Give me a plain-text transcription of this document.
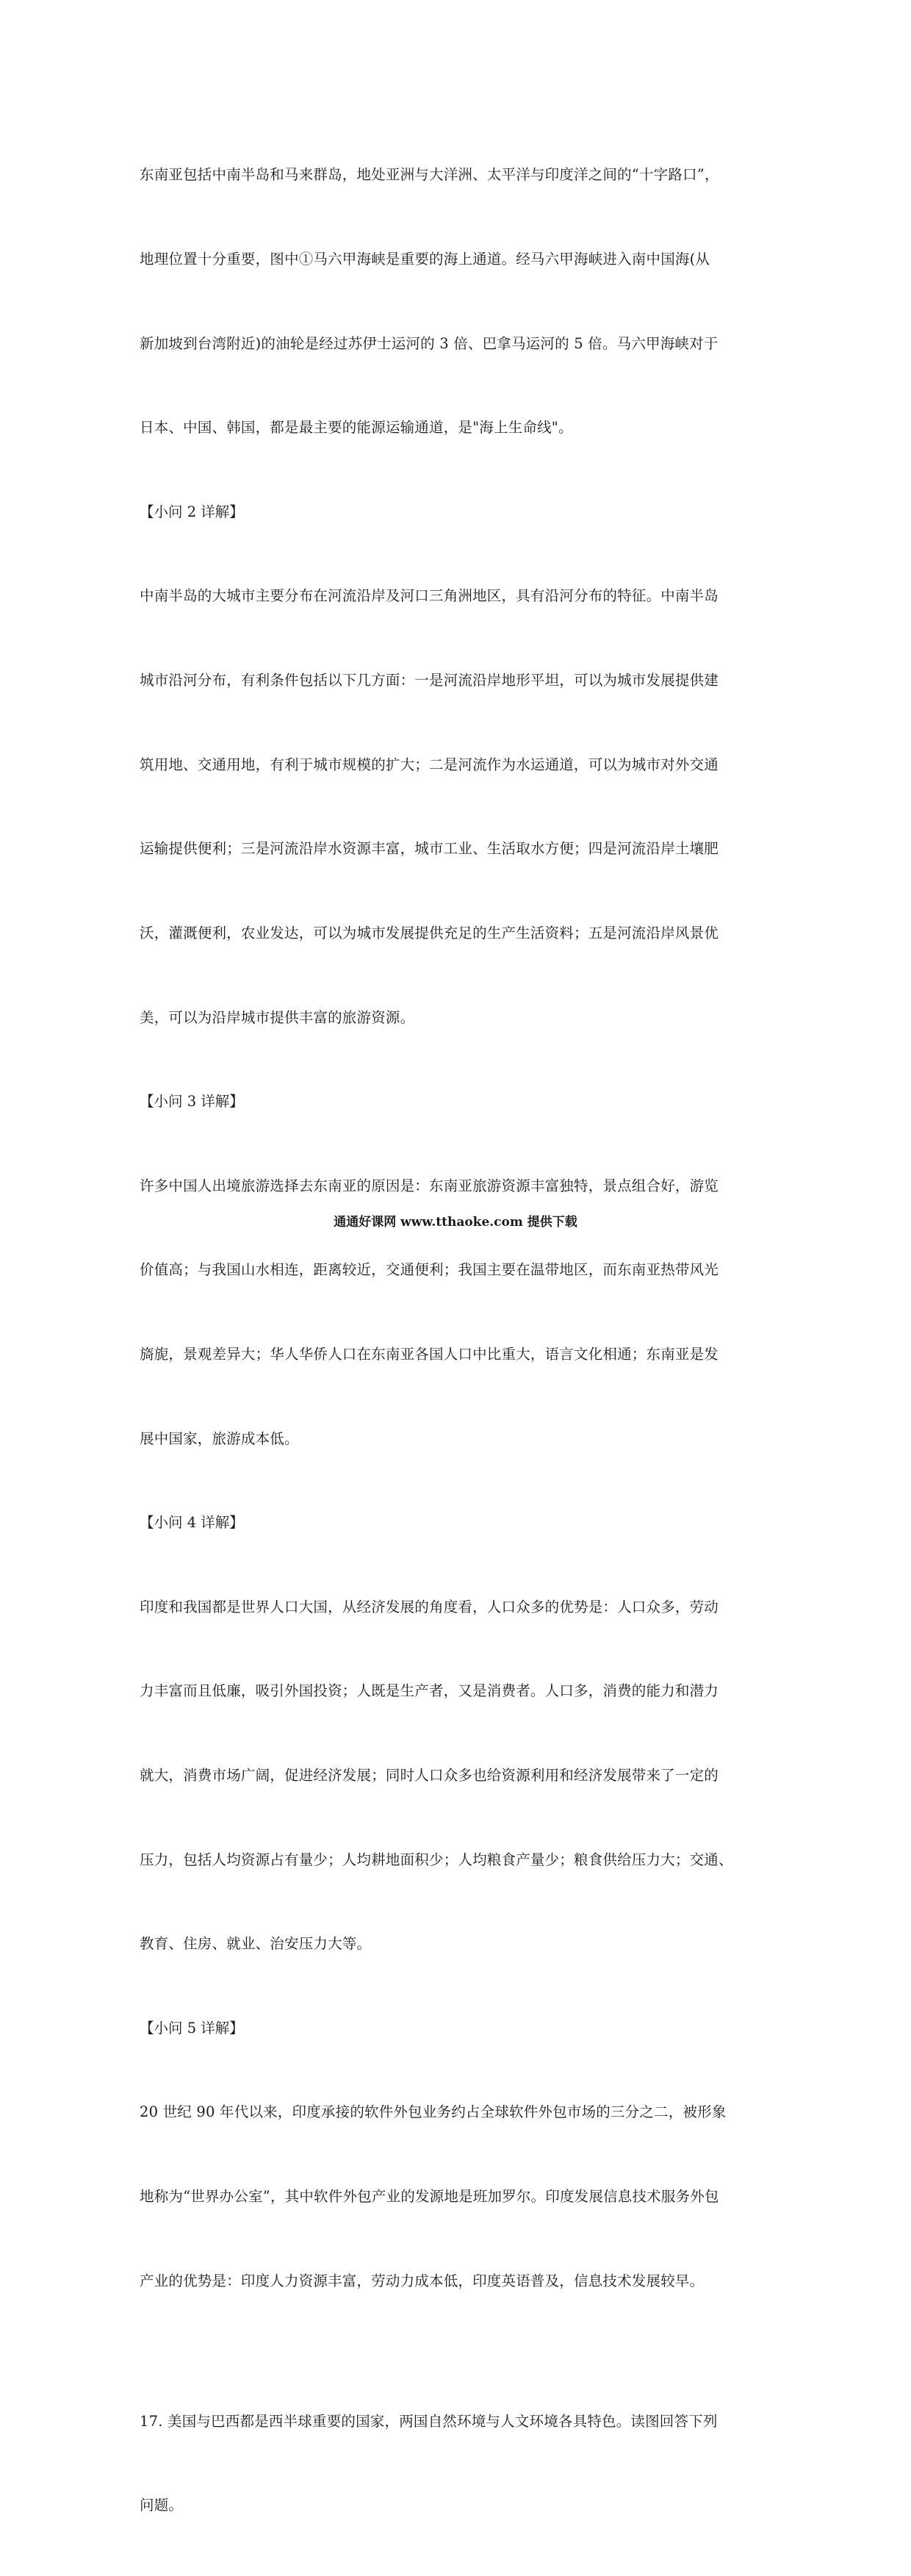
东南亚包括中南半岛和马来群岛，地处亚洲与大洋洲、太平洋与印度洋之间的“十字路口”，

地理位置十分重要，图中①马六甲海峡是重要的海上通道。经马六甲海峡进入南中国海(从

新加坡到台湾附近)的油轮是经过苏伊士运河的 3 倍、巴拿马运河的 5 倍。马六甲海峡对于

日本、中国、韩国，都是最主要的能源运输通道，是"海上生命线"。

【小问 2 详解】

中南半岛的大城市主要分布在河流沿岸及河口三角洲地区，具有沿河分布的特征。中南半岛

城市沿河分布，有利条件包括以下几方面：一是河流沿岸地形平坦，可以为城市发展提供建

筑用地、交通用地，有利于城市规模的扩大；二是河流作为水运通道，可以为城市对外交通

运输提供便利；三是河流沿岸水资源丰富，城市工业、生活取水方便；四是河流沿岸土壤肥

沃，灌溉便利，农业发达，可以为城市发展提供充足的生产生活资料；五是河流沿岸风景优

美，可以为沿岸城市提供丰富的旅游资源。

【小问 3 详解】

许多中国人出境旅游选择去东南亚的原因是：东南亚旅游资源丰富独特，景点组合好，游览

价值高；与我国山水相连，距离较近，交通便利；我国主要在温带地区，而东南亚热带风光

旖旎，景观差异大；华人华侨人口在东南亚各国人口中比重大，语言文化相通；东南亚是发

展中国家，旅游成本低。

【小问 4 详解】

印度和我国都是世界人口大国，从经济发展的角度看，人口众多的优势是：人口众多，劳动

力丰富而且低廉，吸引外国投资；人既是生产者，又是消费者。人口多，消费的能力和潜力

就大，消费市场广阔，促进经济发展；同时人口众多也给资源利用和经济发展带来了一定的

压力，包括人均资源占有量少；人均耕地面积少；人均粮食产量少；粮食供给压力大；交通、

教育、住房、就业、治安压力大等。

【小问 5 详解】

20 世纪 90 年代以来，印度承接的软件外包业务约占全球软件外包市场的三分之二，被形象

地称为“世界办公室”，其中软件外包产业的发源地是班加罗尔。印度发展信息技术服务外包

产业的优势是：印度人力资源丰富，劳动力成本低，印度英语普及，信息技术发展较早。

17. 美国与巴西都是西半球重要的国家，两国自然环境与人文环境各具特色。读图回答下列

问题。

通通好课网 www.tthaoke.com 提供下载
